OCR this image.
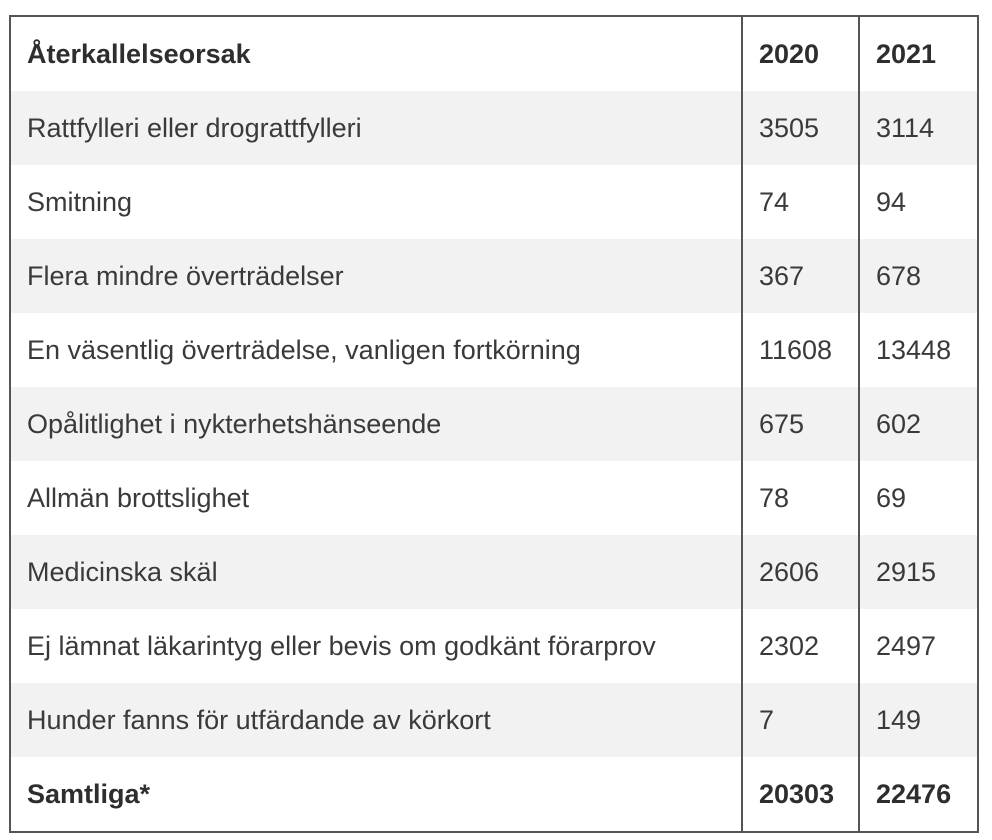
Återkallelseorsak	2020	2021
Rattfylleri eller drograttfylleri	3505	3114
Smitning	74	94
Flera mindre överträdelser	367	678
En väsentlig överträdelse, vanligen fortkörning	11608	13448
Opålitlighet i nykterhetshänseende	675	602
Allmän brottslighet	78	69
Medicinska skäl	2606	2915
Ej lämnat läkarintyg eller bevis om godkänt förarprov	2302	2497
Hunder fanns för utfärdande av körkort	7	149
Samtliga*	20303	22476
